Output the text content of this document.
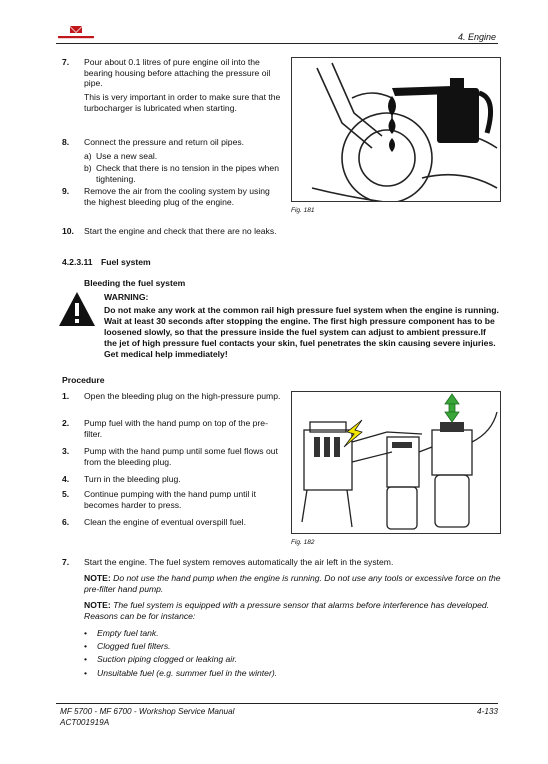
4. Engine
7. Pour about 0.1 litres of pure engine oil into the bearing housing before attaching the pressure oil pipe.

This is very important in order to make sure that the turbocharger is lubricated when starting.

8. Connect the pressure and return oil pipes.

a) Use a new seal.
b) Check that there is no tension in the pipes when tightening.
9. Remove the air from the cooling system by using the highest bleeding plug of the engine.

Fig. 181
10. Start the engine and check that there are no leaks.
4.2.3.11 Fuel system
Bleeding the fuel system
WARNING:
Do not make any work at the common rail high pressure fuel system when the engine is running. Wait at least 30 seconds after stopping the engine. The first high pressure component has to be loosened slowly, so that the pressure inside the fuel system can adjust to ambient pressure.If the jet of high pressure fuel contacts your skin, fuel penetrates the skin causing severe injuries. Get medical help immediately!
Procedure
1. Open the bleeding plug on the high-pressure pump.

2. Pump fuel with the hand pump on top of the pre-filter.

3. Pump with the hand pump until some fuel flows out from the bleeding plug.

4. Turn in the bleeding plug.

5. Continue pumping with the hand pump until it becomes harder to press.

6. Clean the engine of eventual overspill fuel.

Fig. 182
7. Start the engine. The fuel system removes automatically the air left in the system.
NOTE: Do not use the hand pump when the engine is running. Do not use any tools or excessive force on the pre-filter hand pump.
NOTE: The fuel system is equipped with a pressure sensor that alarms before interference has developed. Reasons can be for instance:
• Empty fuel tank.
• Clogged fuel filters.
• Suction piping clogged or leaking air.
• Unsuitable fuel (e.g. summer fuel in the winter).
MF 5700 - MF 6700 - Workshop Service Manual
ACT001919A
4-133
